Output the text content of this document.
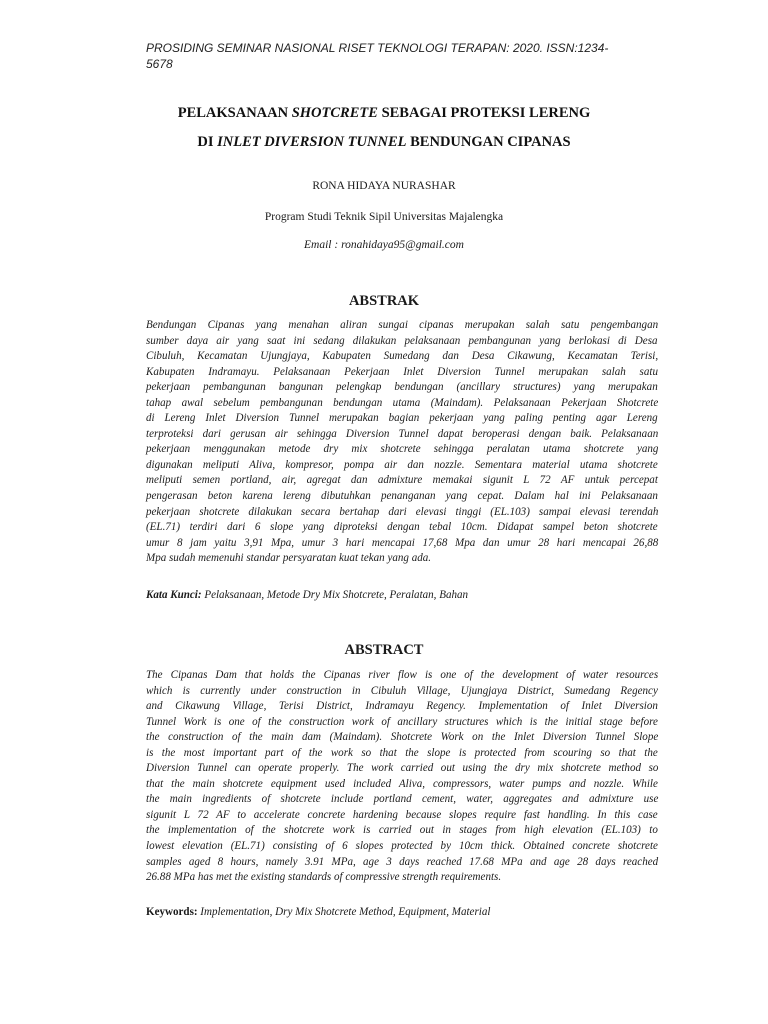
PROSIDING SEMINAR NASIONAL RISET TEKNOLOGI TERAPAN: 2020. ISSN:1234-
5678
PELAKSANAAN SHOTCRETE SEBAGAI PROTEKSI LERENG
DI INLET DIVERSION TUNNEL BENDUNGAN CIPANAS
RONA HIDAYA NURASHAR
Program Studi Teknik Sipil Universitas Majalengka
Email : ronahidaya95@gmail.com
ABSTRAK
Bendungan Cipanas yang menahan aliran sungai cipanas merupakan salah satu pengembangan
sumber daya air yang saat ini sedang dilakukan pelaksanaan pembangunan yang berlokasi di Desa
Cibuluh, Kecamatan Ujungjaya, Kabupaten Sumedang dan Desa Cikawung, Kecamatan Terisi,
Kabupaten Indramayu. Pelaksanaan Pekerjaan Inlet Diversion Tunnel merupakan salah satu
pekerjaan pembangunan bangunan pelengkap bendungan (ancillary structures) yang merupakan
tahap awal sebelum pembangunan bendungan utama (Maindam). Pelaksanaan Pekerjaan Shotcrete
di Lereng Inlet Diversion Tunnel merupakan bagian pekerjaan yang paling penting agar Lereng
terproteksi dari gerusan air sehingga Diversion Tunnel dapat beroperasi dengan baik. Pelaksanaan
pekerjaan menggunakan metode dry mix shotcrete sehingga peralatan utama shotcrete yang
digunakan meliputi Aliva, kompresor, pompa air dan nozzle. Sementara material utama shotcrete
meliputi semen portland, air, agregat dan admixture memakai sigunit L 72 AF untuk percepat
pengerasan beton karena lereng dibutuhkan penanganan yang cepat. Dalam hal ini Pelaksanaan
pekerjaan shotcrete dilakukan secara bertahap dari elevasi tinggi (EL.103) sampai elevasi terendah
(EL.71) terdiri dari 6 slope yang diproteksi dengan tebal 10cm. Didapat sampel beton shotcrete
umur 8 jam yaitu 3,91 Mpa, umur 3 hari mencapai 17,68 Mpa dan umur 28 hari mencapai 26,88
Mpa sudah memenuhi standar persyaratan kuat tekan yang ada.
Kata Kunci: Pelaksanaan, Metode Dry Mix Shotcrete, Peralatan, Bahan
ABSTRACT
The Cipanas Dam that holds the Cipanas river flow is one of the development of water resources
which is currently under construction in Cibuluh Village, Ujungjaya District, Sumedang Regency
and Cikawung Village, Terisi District, Indramayu Regency. Implementation of Inlet Diversion
Tunnel Work is one of the construction work of ancillary structures which is the initial stage before
the construction of the main dam (Maindam). Shotcrete Work on the Inlet Diversion Tunnel Slope
is the most important part of the work so that the slope is protected from scouring so that the
Diversion Tunnel can operate properly. The work carried out using the dry mix shotcrete method so
that the main shotcrete equipment used included Aliva, compressors, water pumps and nozzle. While
the main ingredients of shotcrete include portland cement, water, aggregates and admixture use
sigunit L 72 AF to accelerate concrete hardening because slopes require fast handling. In this case
the implementation of the shotcrete work is carried out in stages from high elevation (EL.103) to
lowest elevation (EL.71) consisting of 6 slopes protected by 10cm thick. Obtained concrete shotcrete
samples aged 8 hours, namely 3.91 MPa, age 3 days reached 17.68 MPa and age 28 days reached
26.88 MPa has met the existing standards of compressive strength requirements.
Keywords: Implementation, Dry Mix Shotcrete Method, Equipment, Material
